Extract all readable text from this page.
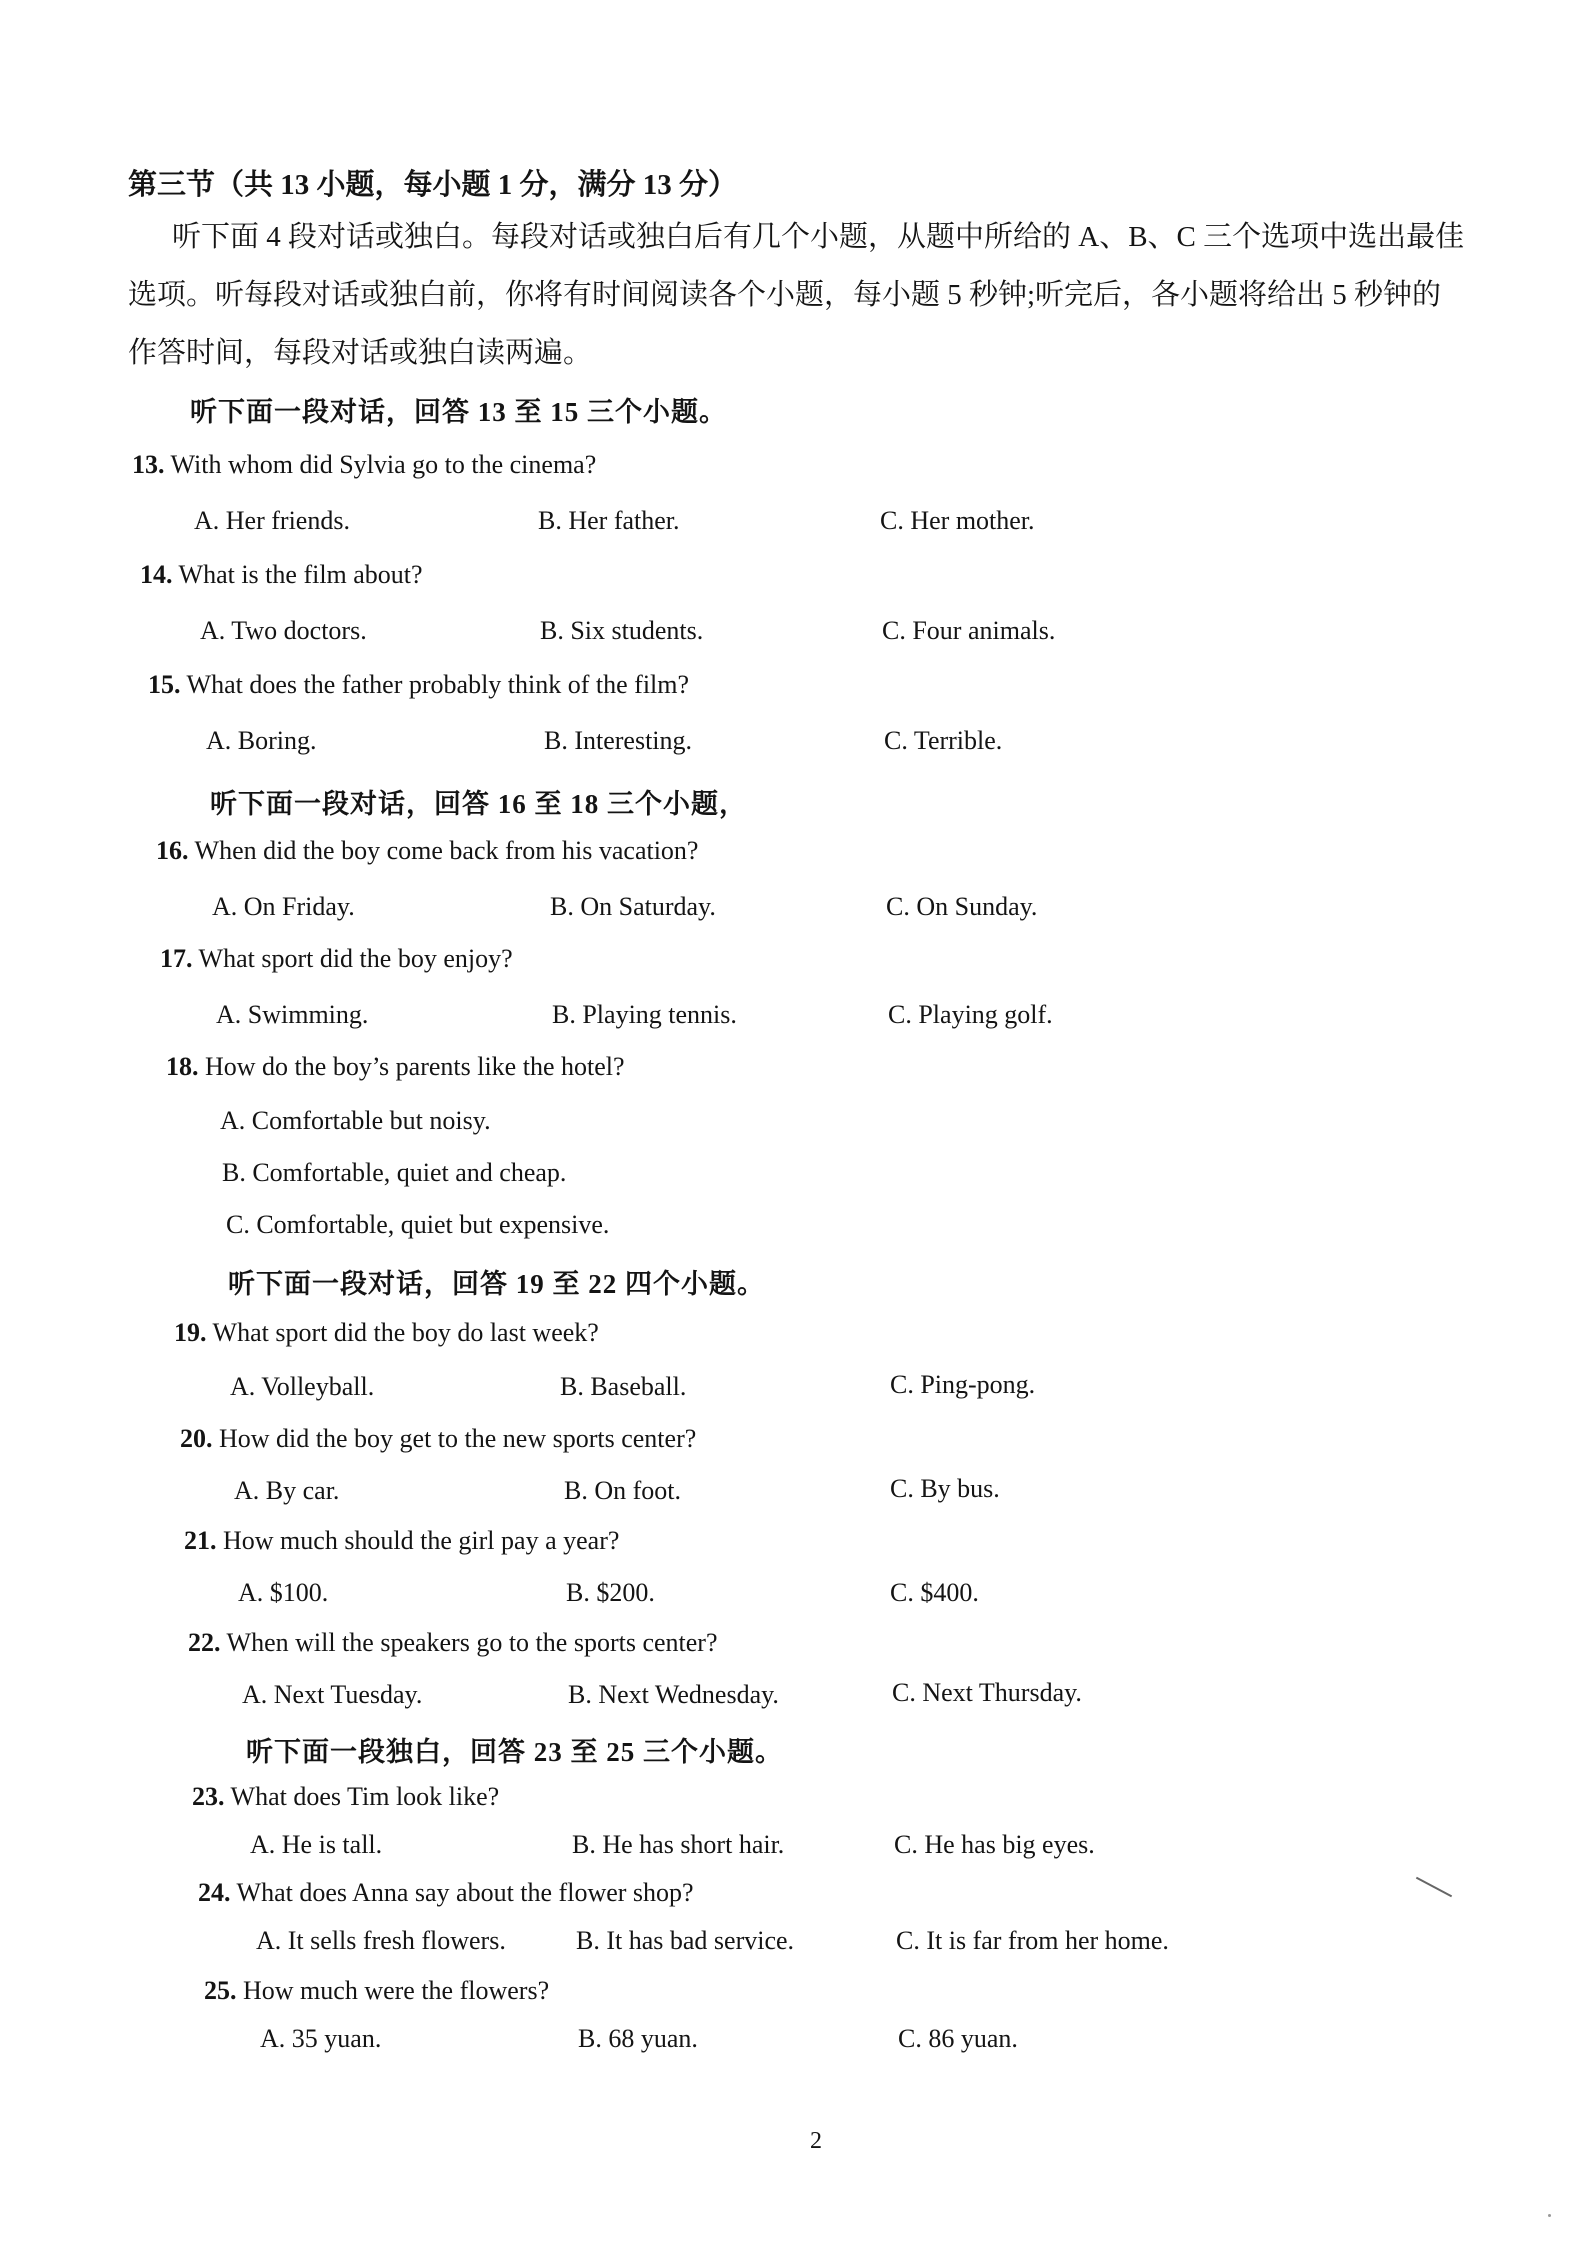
第三节（共 13 小题，每小题 1 分，满分 13 分）
听下面 4 段对话或独白。每段对话或独白后有几个小题，从题中所给的 A、B、C 三个选项中选出最佳选项。听每段对话或独白前，你将有时间阅读各个小题，每小题 5 秒钟;听完后，各小题将给出 5 秒钟的作答时间，每段对话或独白读两遍。
听下面一段对话，回答 13 至 15 三个小题。
13. With whom did Sylvia go to the cinema?
A. Her friends.	B. Her father.	C. Her mother.
14. What is the film about?
A. Two doctors.	B. Six students.	C. Four animals.
15. What does the father probably think of the film?
A. Boring.	B. Interesting.	C. Terrible.
听下面一段对话，回答 16 至 18 三个小题，
16. When did the boy come back from his vacation?
A. On Friday.	B. On Saturday.	C. On Sunday.
17. What sport did the boy enjoy?
A. Swimming.	B. Playing tennis.	C. Playing golf.
18. How do the boy’s parents like the hotel?
A. Comfortable but noisy.
B. Comfortable, quiet and cheap.
C. Comfortable, quiet but expensive.
听下面一段对话，回答 19 至 22 四个小题。
19. What sport did the boy do last week?
A. Volleyball.	B. Baseball.	C. Ping-pong.
20. How did the boy get to the new sports center?
A. By car.	B. On foot.	C. By bus.
21. How much should the girl pay a year?
A. $100.	B. $200.	C. $400.
22. When will the speakers go to the sports center?
A. Next Tuesday.	B. Next Wednesday.	C. Next Thursday.
听下面一段独白，回答 23 至 25 三个小题。
23. What does Tim look like?
A. He is tall.	B. He has short hair.	C. He has big eyes.
24. What does Anna say about the flower shop?
A. It sells fresh flowers.	B. It has bad service.	C. It is far from her home.
25. How much were the flowers?
A. 35 yuan.	B. 68 yuan.	C. 86 yuan.
2
